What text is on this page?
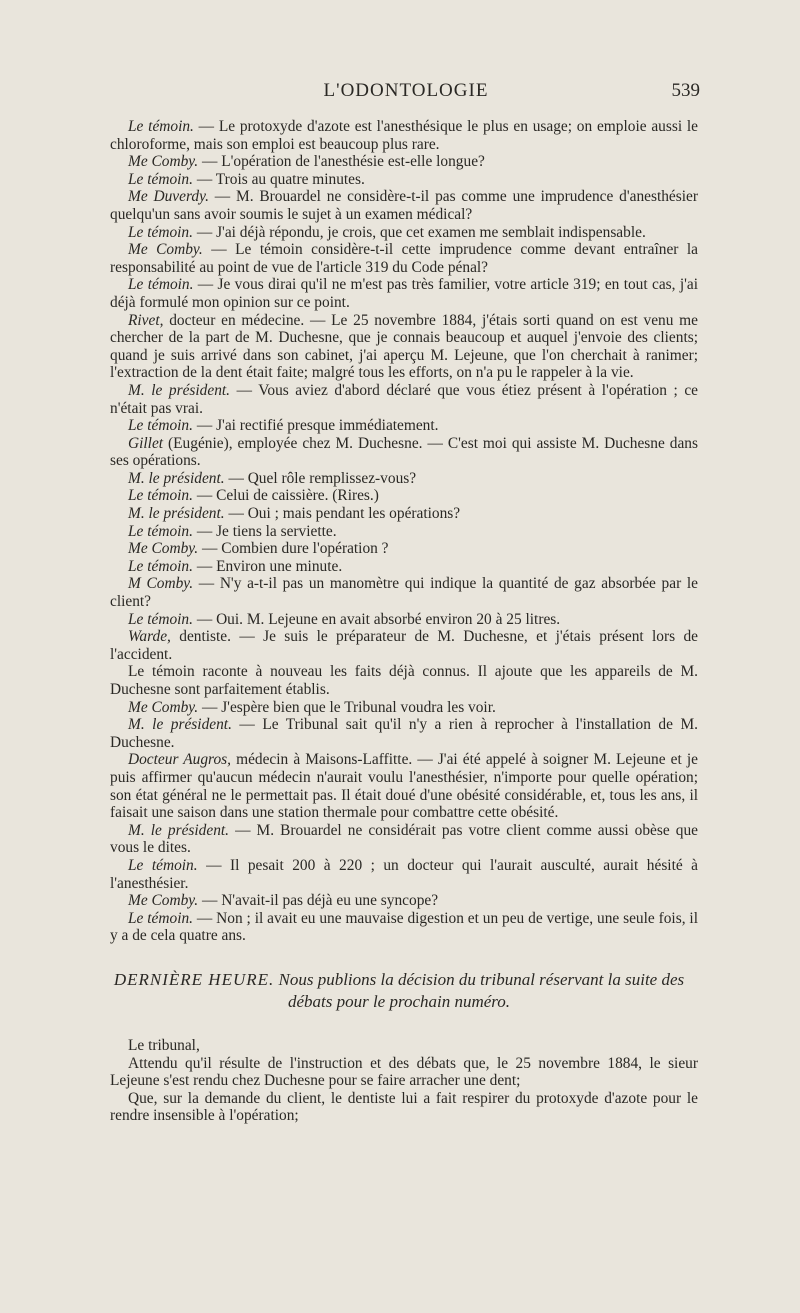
L'ODONTOLOGIE	539

Le témoin. — Le protoxyde d'azote est l'anesthésique le plus en usage; on emploie aussi le chloroforme, mais son emploi est beaucoup plus rare.

Me Comby. — L'opération de l'anesthésie est-elle longue?

Le témoin. — Trois au quatre minutes.

Me Duverdy. — M. Brouardel ne considère-t-il pas comme une imprudence d'anesthésier quelqu'un sans avoir soumis le sujet à un examen médical?

Le témoin. — J'ai déjà répondu, je crois, que cet examen me semblait indispensable.

Me Comby. — Le témoin considère-t-il cette imprudence comme devant entraîner la responsabilité au point de vue de l'article 319 du Code pénal?

Le témoin. — Je vous dirai qu'il ne m'est pas très familier, votre article 319; en tout cas, j'ai déjà formulé mon opinion sur ce point.

Rivet, docteur en médecine. — Le 25 novembre 1884, j'étais sorti quand on est venu me chercher de la part de M. Duchesne, que je connais beaucoup et auquel j'envoie des clients; quand je suis arrivé dans son cabinet, j'ai aperçu M. Lejeune, que l'on cherchait à ranimer; l'extraction de la dent était faite; malgré tous les efforts, on n'a pu le rappeler à la vie.

M. le président. — Vous aviez d'abord déclaré que vous étiez présent à l'opération ; ce n'était pas vrai.

Le témoin. — J'ai rectifié presque immédiatement.

Gillet (Eugénie), employée chez M. Duchesne. — C'est moi qui assiste M. Duchesne dans ses opérations.

M. le président. — Quel rôle remplissez-vous?

Le témoin. — Celui de caissière. (Rires.)

M. le président. — Oui ; mais pendant les opérations?

Le témoin. — Je tiens la serviette.

Me Comby. — Combien dure l'opération ?

Le témoin. — Environ une minute.

M Comby. — N'y a-t-il pas un manomètre qui indique la quantité de gaz absorbée par le client?

Le témoin. — Oui. M. Lejeune en avait absorbé environ 20 à 25 litres.

Warde, dentiste. — Je suis le préparateur de M. Duchesne, et j'étais présent lors de l'accident.

Le témoin raconte à nouveau les faits déjà connus. Il ajoute que les appareils de M. Duchesne sont parfaitement établis.

Me Comby. — J'espère bien que le Tribunal voudra les voir.

M. le président. — Le Tribunal sait qu'il n'y a rien à reprocher à l'installation de M. Duchesne.

Docteur Augros, médecin à Maisons-Laffitte. — J'ai été appelé à soigner M. Lejeune et je puis affirmer qu'aucun médecin n'aurait voulu l'anesthésier, n'importe pour quelle opération; son état général ne le permettait pas. Il était doué d'une obésité considérable, et, tous les ans, il faisait une saison dans une station thermale pour combattre cette obésité.

M. le président. — M. Brouardel ne considérait pas votre client comme aussi obèse que vous le dites.

Le témoin. — Il pesait 200 à 220 ; un docteur qui l'aurait ausculté, aurait hésité à l'anesthésier.

Me Comby. — N'avait-il pas déjà eu une syncope?

Le témoin. — Non ; il avait eu une mauvaise digestion et un peu de vertige, une seule fois, il y a de cela quatre ans.

DERNIÈRE HEURE. Nous publions la décision du tribunal réservant la suite des débats pour le prochain numéro.

Le tribunal,

Attendu qu'il résulte de l'instruction et des débats que, le 25 novembre 1884, le sieur Lejeune s'est rendu chez Duchesne pour se faire arracher une dent;

Que, sur la demande du client, le dentiste lui a fait respirer du protoxyde d'azote pour le rendre insensible à l'opération;
